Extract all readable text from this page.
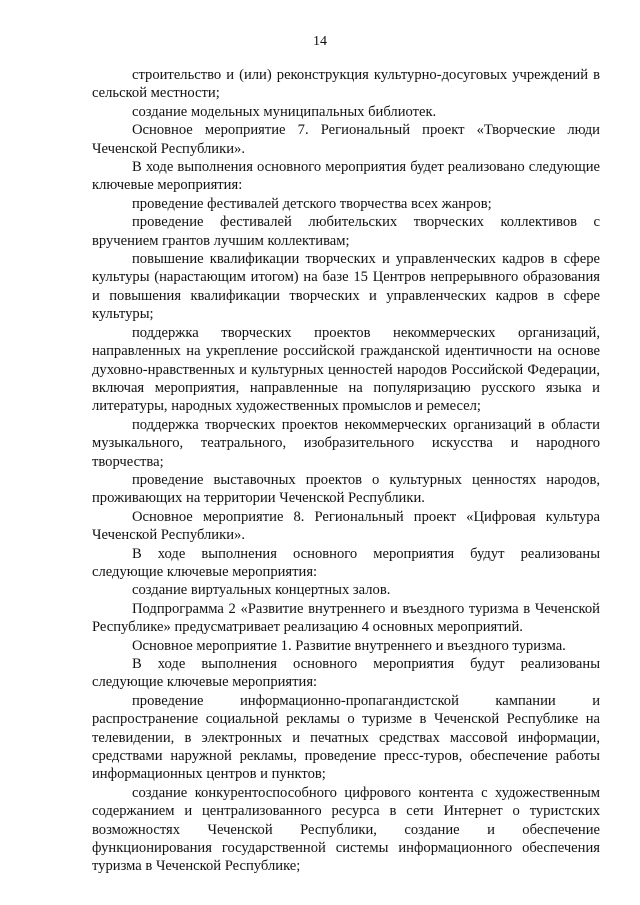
14

строительство и (или) реконструкция культурно-досуговых учреждений в сельской местности;

создание модельных муниципальных библиотек.

Основное мероприятие 7. Региональный проект «Творческие люди Чеченской Республики».

В ходе выполнения основного мероприятия будет реализовано следующие ключевые мероприятия:

проведение фестивалей детского творчества всех жанров;

проведение фестивалей любительских творческих коллективов с вручением грантов лучшим коллективам;

повышение квалификации творческих и управленческих кадров в сфере культуры (нарастающим итогом) на базе 15 Центров непрерывного образования и повышения квалификации творческих и управленческих кадров в сфере культуры;

поддержка творческих проектов некоммерческих организаций, направленных на укрепление российской гражданской идентичности на основе духовно-нравственных и культурных ценностей народов Российской Федерации, включая мероприятия, направленные на популяризацию русского языка и литературы, народных художественных промыслов и ремесел;

поддержка творческих проектов некоммерческих организаций в области музыкального, театрального, изобразительного искусства и народного творчества;

проведение выставочных проектов о культурных ценностях народов, проживающих на территории Чеченской Республики.

Основное мероприятие 8. Региональный проект «Цифровая культура Чеченской Республики».

В ходе выполнения основного мероприятия будут реализованы следующие ключевые мероприятия:

создание виртуальных концертных залов.

Подпрограмма 2 «Развитие внутреннего и въездного туризма в Чеченской Республике» предусматривает реализацию 4 основных мероприятий.

Основное мероприятие 1. Развитие внутреннего и въездного туризма.

В ходе выполнения основного мероприятия будут реализованы следующие ключевые мероприятия:

проведение информационно-пропагандистской кампании и распространение социальной рекламы о туризме в Чеченской Республике на телевидении, в электронных и печатных средствах массовой информации, средствами наружной рекламы, проведение пресс-туров, обеспечение работы информационных центров и пунктов;

создание конкурентоспособного цифрового контента с художественным содержанием и централизованного ресурса в сети Интернет о туристских возможностях Чеченской Республики, создание и обеспечение функционирования государственной системы информационного обеспечения туризма в Чеченской Республике;
